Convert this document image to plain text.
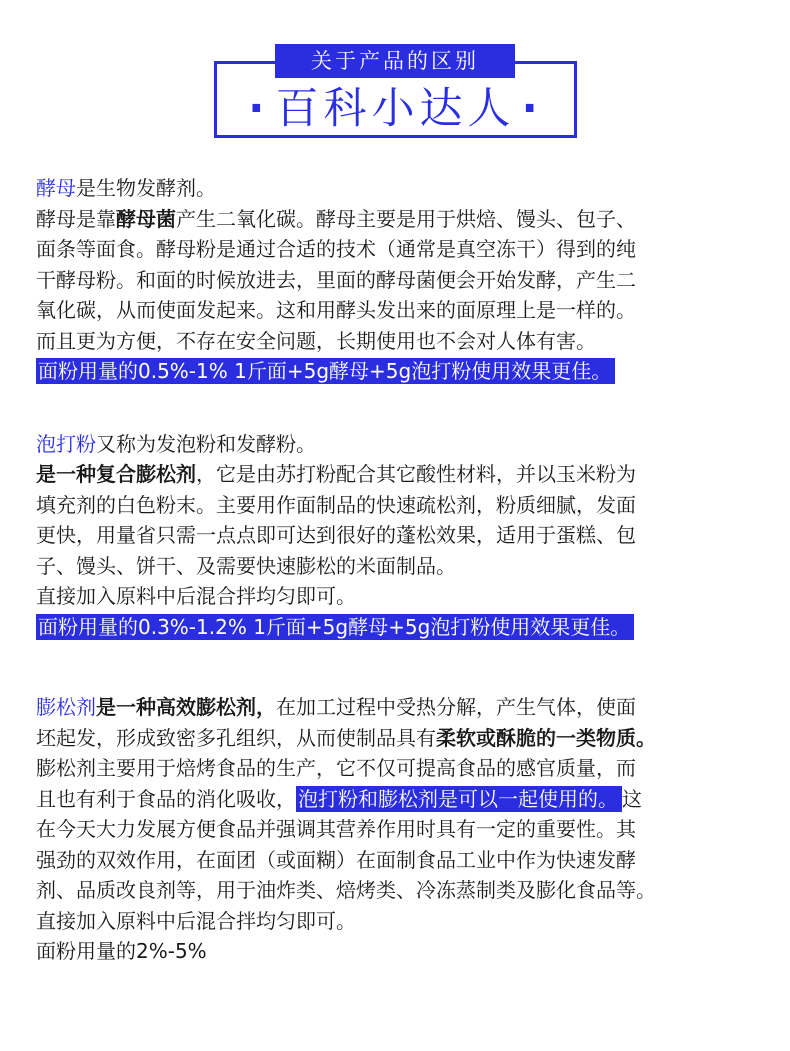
关于产品的区别
· 百科小达人 ·
酵母是生物发酵剂。
酵母是靠酵母菌产生二氧化碳。酵母主要是用于烘焙、馒头、包子、
面条等面食。酵母粉是通过合适的技术（通常是真空冻干）得到的纯
干酵母粉。和面的时候放进去，里面的酵母菌便会开始发酵，产生二
氧化碳，从而使面发起来。这和用酵头发出来的面原理上是一样的。
而且更为方便，不存在安全问题，长期使用也不会对人体有害。
面粉用量的0.5%-1% 1斤面+5g酵母+5g泡打粉使用效果更佳。
泡打粉又称为发泡粉和发酵粉。
是一种复合膨松剂，它是由苏打粉配合其它酸性材料，并以玉米粉为
填充剂的白色粉末。主要用作面制品的快速疏松剂，粉质细腻，发面
更快，用量省只需一点点即可达到很好的蓬松效果，适用于蛋糕、包
子、馒头、饼干、及需要快速膨松的米面制品。
直接加入原料中后混合拌均匀即可。
面粉用量的0.3%-1.2% 1斤面+5g酵母+5g泡打粉使用效果更佳。
膨松剂是一种高效膨松剂，在加工过程中受热分解，产生气体，使面
坯起发，形成致密多孔组织，从而使制品具有柔软或酥脆的一类物质。
膨松剂主要用于焙烤食品的生产，它不仅可提高食品的感官质量，而
且也有利于食品的消化吸收， 泡打粉和膨松剂是可以一起使用的。 这
在今天大力发展方便食品并强调其营养作用时具有一定的重要性。其
强劲的双效作用，在面团（或面糊）在面制食品工业中作为快速发酵
剂、品质改良剂等，用于油炸类、焙烤类、冷冻蒸制类及膨化食品等。
直接加入原料中后混合拌均匀即可。
面粉用量的2%-5%
